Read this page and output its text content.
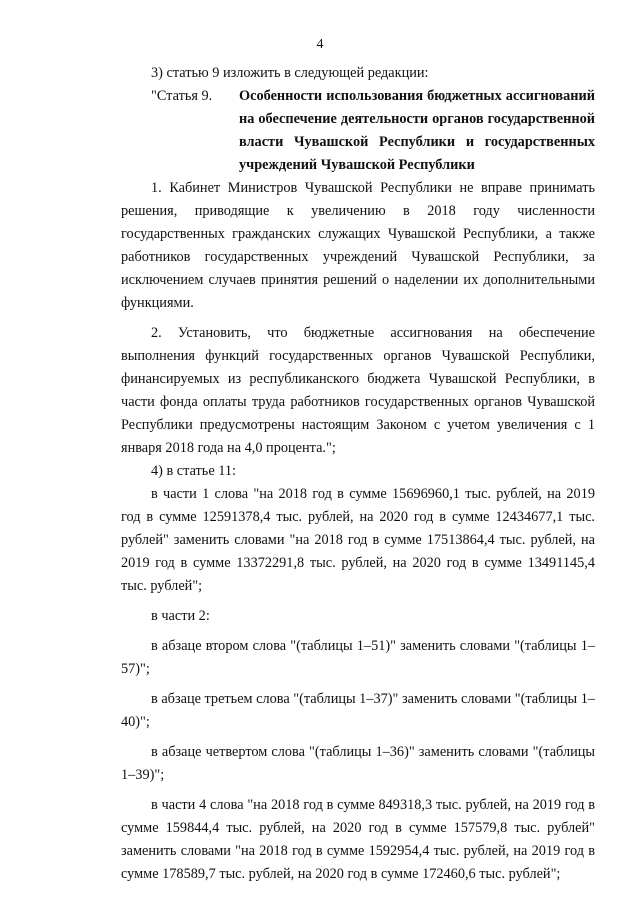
4

3) статью 9 изложить в следующей редакции:

"Статья 9.	Особенности использования бюджетных ассигнований на обеспечение деятельности органов государственной власти Чувашской Республики и государственных учреждений Чувашской Республики

1. Кабинет Министров Чувашской Республики не вправе принимать решения, приводящие к увеличению в 2018 году численности государственных гражданских служащих Чувашской Республики, а также работников государственных учреждений Чувашской Республики, за исключением случаев принятия решений о наделении их дополнительными функциями.

2. Установить, что бюджетные ассигнования на обеспечение выполнения функций государственных органов Чувашской Республики, финансируемых из республиканского бюджета Чувашской Республики, в части фонда оплаты труда работников государственных органов Чувашской Республики предусмотрены настоящим Законом с учетом увеличения с 1 января 2018 года на 4,0 процента.";

4) в статье 11:

в части 1 слова "на 2018 год в сумме 15696960,1 тыс. рублей, на 2019 год в сумме 12591378,4 тыс. рублей, на 2020 год в сумме 12434677,1 тыс. рублей" заменить словами "на 2018 год в сумме 17513864,4 тыс. рублей, на 2019 год в сумме 13372291,8 тыс. рублей, на 2020 год в сумме 13491145,4 тыс. рублей";

в части 2:

в абзаце втором слова "(таблицы 1–51)" заменить словами "(таблицы 1–57)";

в абзаце третьем слова "(таблицы 1–37)" заменить словами "(таблицы 1–40)";

в абзаце четвертом слова "(таблицы 1–36)" заменить словами "(таблицы 1–39)";

в части 4 слова "на 2018 год в сумме 849318,3 тыс. рублей, на 2019 год в сумме 159844,4 тыс. рублей, на 2020 год в сумме 157579,8 тыс. рублей" заменить словами "на 2018 год в сумме 1592954,4 тыс. рублей, на 2019 год в сумме 178589,7 тыс. рублей, на 2020 год в сумме 172460,6 тыс. рублей";
